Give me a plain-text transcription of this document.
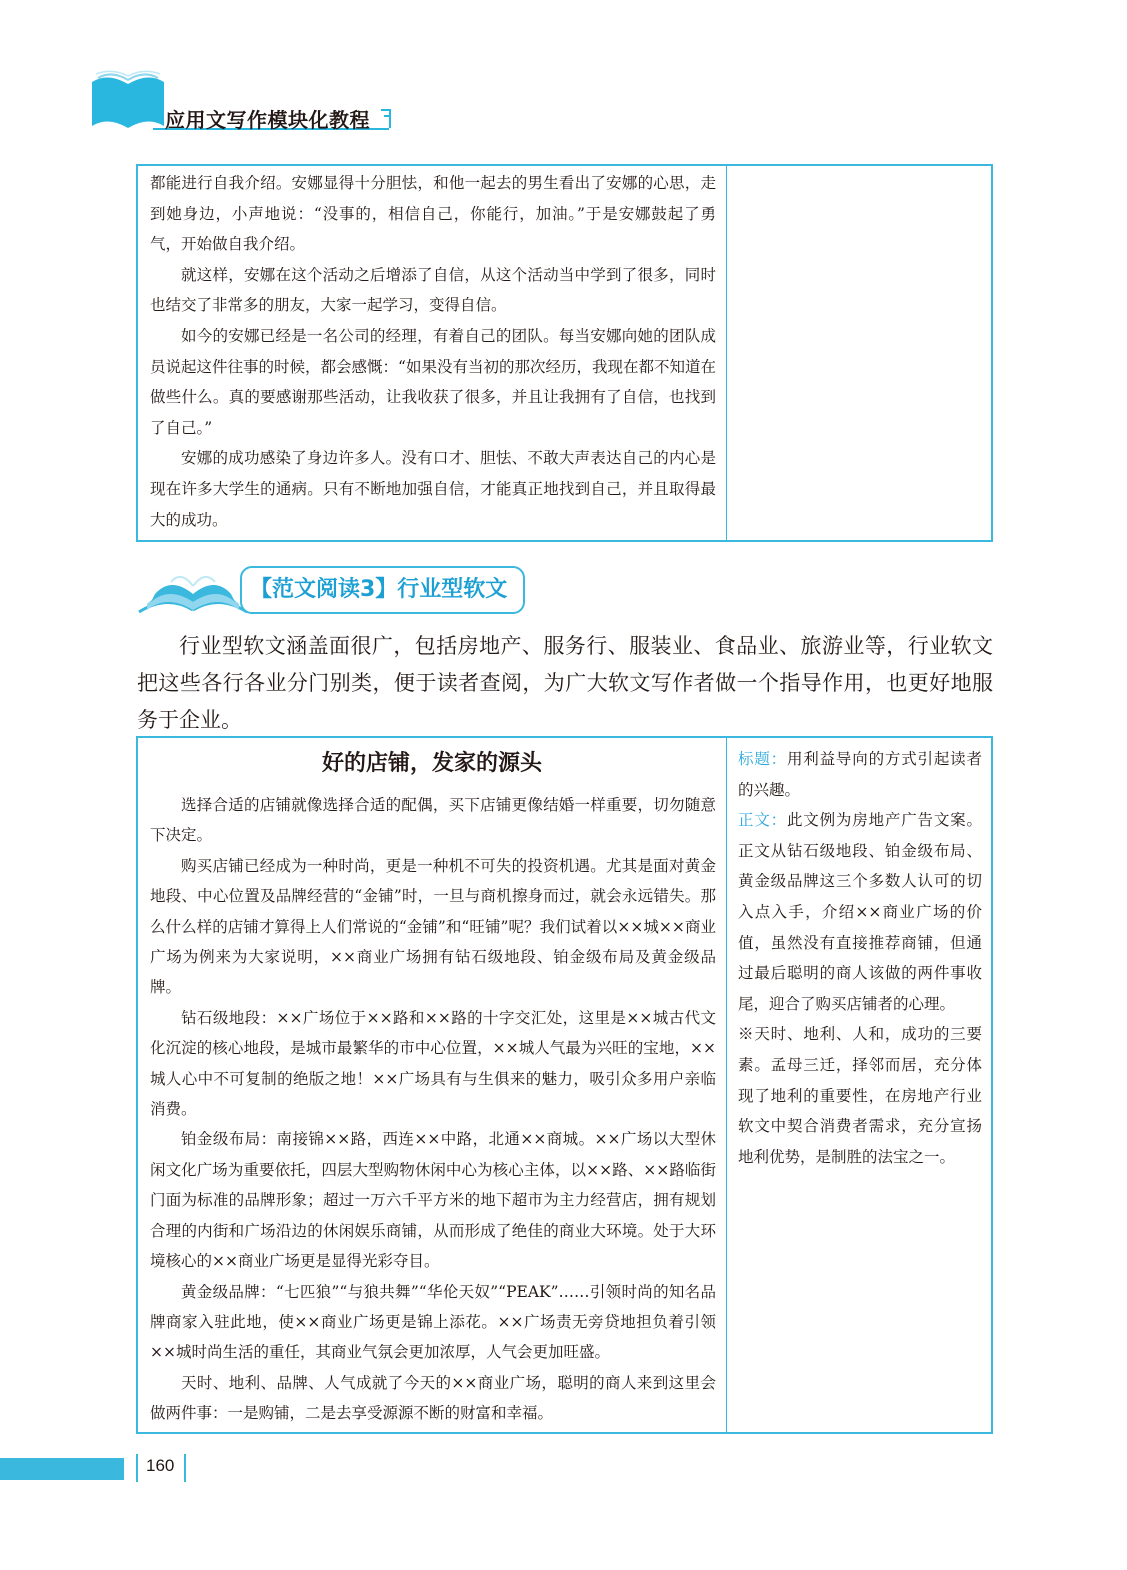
应用文写作模块化教程

都能进行自我介绍。安娜显得十分胆怯，和他一起去的男生看出了安娜的心思，走到她身边，小声地说：“没事的，相信自己，你能行，加油。”于是安娜鼓起了勇气，开始做自我介绍。

就这样，安娜在这个活动之后增添了自信，从这个活动当中学到了很多，同时也结交了非常多的朋友，大家一起学习，变得自信。

如今的安娜已经是一名公司的经理，有着自己的团队。每当安娜向她的团队成员说起这件往事的时候，都会感慨：“如果没有当初的那次经历，我现在都不知道在做些什么。真的要感谢那些活动，让我收获了很多，并且让我拥有了自信，也找到了自己。”

安娜的成功感染了身边许多人。没有口才、胆怯、不敢大声表达自己的内心是现在许多大学生的通病。只有不断地加强自信，才能真正地找到自己，并且取得最大的成功。

【范文阅读3】行业型软文

行业型软文涵盖面很广，包括房地产、服务行、服装业、食品业、旅游业等，行业软文把这些各行各业分门别类，便于读者查阅，为广大软文写作者做一个指导作用，也更好地服务于企业。

好的店铺，发家的源头

选择合适的店铺就像选择合适的配偶，买下店铺更像结婚一样重要，切勿随意下决定。

购买店铺已经成为一种时尚，更是一种机不可失的投资机遇。尤其是面对黄金地段、中心位置及品牌经营的“金铺”时，一旦与商机擦身而过，就会永远错失。那么什么样的店铺才算得上人们常说的“金铺”和“旺铺”呢？我们试着以××城××商业广场为例来为大家说明，××商业广场拥有钻石级地段、铂金级布局及黄金级品牌。

钻石级地段：××广场位于××路和××路的十字交汇处，这里是××城古代文化沉淀的核心地段，是城市最繁华的市中心位置，××城人气最为兴旺的宝地，××城人心中不可复制的绝版之地！××广场具有与生俱来的魅力，吸引众多用户亲临消费。

铂金级布局：南接锦××路，西连××中路，北通××商城。××广场以大型休闲文化广场为重要依托，四层大型购物休闲中心为核心主体，以××路、××路临街门面为标准的品牌形象；超过一万六千平方米的地下超市为主力经营店，拥有规划合理的内街和广场沿边的休闲娱乐商铺，从而形成了绝佳的商业大环境。处于大环境核心的××商业广场更是显得光彩夺目。

黄金级品牌：“七匹狼”“与狼共舞”“华伦天奴”“PEAK”……引领时尚的知名品牌商家入驻此地，使××商业广场更是锦上添花。××广场责无旁贷地担负着引领××城时尚生活的重任，其商业气氛会更加浓厚，人气会更加旺盛。

天时、地利、品牌、人气成就了今天的××商业广场，聪明的商人来到这里会做两件事：一是购铺，二是去享受源源不断的财富和幸福。

标题：用利益导向的方式引起读者的兴趣。

正文：此文例为房地产广告文案。正文从钻石级地段、铂金级布局、黄金级品牌这三个多数人认可的切入点入手，介绍××商业广场的价值，虽然没有直接推荐商铺，但通过最后聪明的商人该做的两件事收尾，迎合了购买店铺者的心理。

※天时、地利、人和，成功的三要素。孟母三迁，择邻而居，充分体现了地利的重要性，在房地产行业软文中契合消费者需求，充分宣扬地利优势，是制胜的法宝之一。

160
